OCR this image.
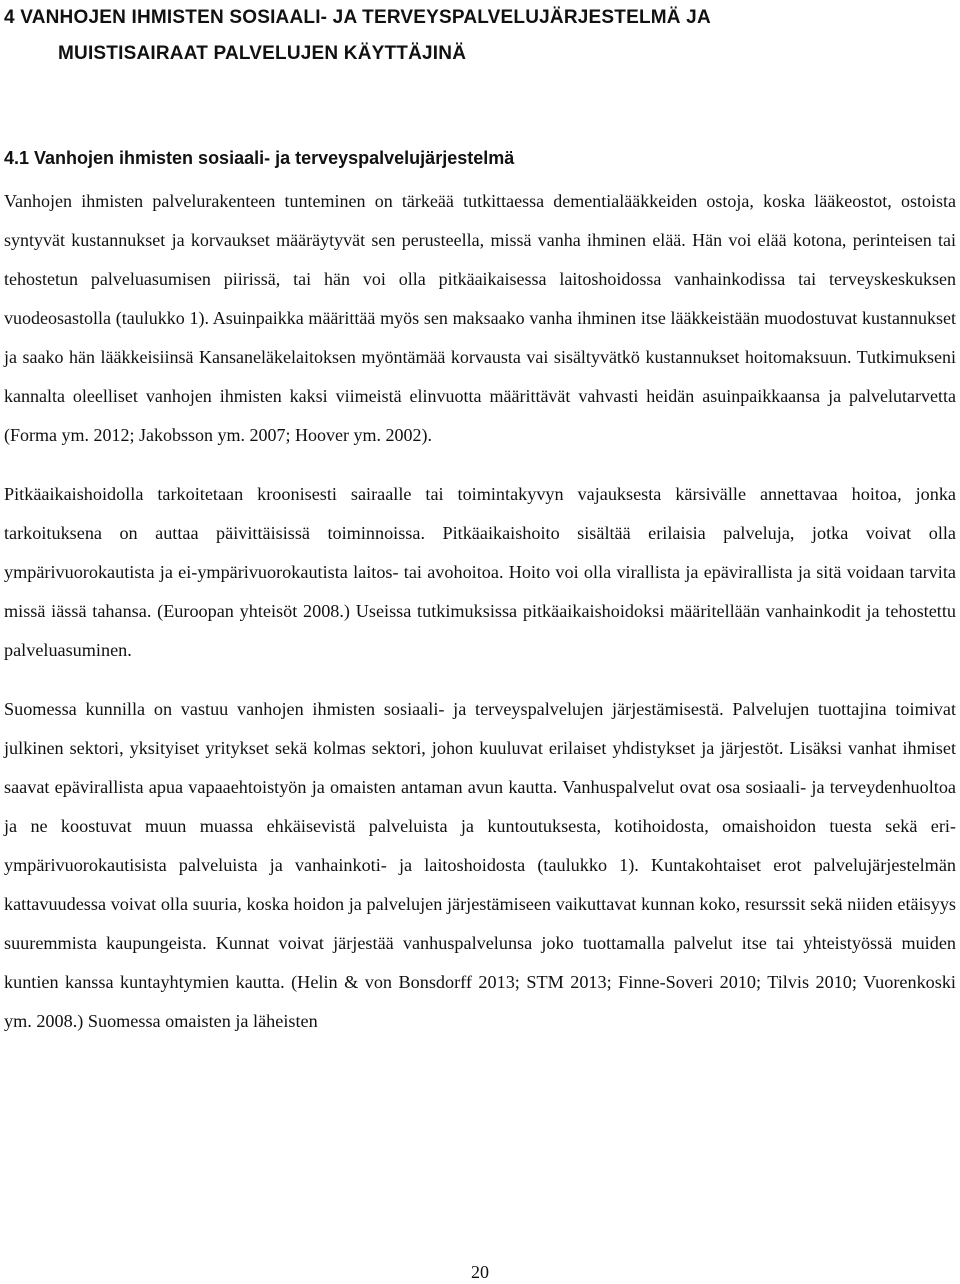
4 VANHOJEN IHMISTEN SOSIAALI- JA TERVEYSPALVELUJÄRJESTELMÄ JA
MUISTISAIRAAT PALVELUJEN KÄYTTÄJINÄ
4.1 Vanhojen ihmisten sosiaali- ja terveyspalvelujärjestelmä

Vanhojen ihmisten palvelurakenteen tunteminen on tärkeää tutkittaessa dementialääkkeiden ostoja, koska lääkeostot, ostoista syntyvät kustannukset ja korvaukset määräytyvät sen perusteella, missä vanha ihminen elää. Hän voi elää kotona, perinteisen tai tehostetun palveluasumisen piirissä, tai hän voi olla pitkäaikaisessa laitoshoidossa vanhainkodissa tai terveyskeskuksen vuodeosastolla (taulukko 1). Asuinpaikka määrittää myös sen maksaako vanha ihminen itse lääkkeistään muodostuvat kustannukset ja saako hän lääkkeisiinsä Kansaneläkelaitoksen myöntämää korvausta vai sisältyvätkö kustannukset hoitomaksuun. Tutkimukseni kannalta oleelliset vanhojen ihmisten kaksi viimeistä elinvuotta määrittävät vahvasti heidän asuinpaikkaansa ja palvelutarvetta (Forma ym. 2012; Jakobsson ym. 2007; Hoover ym. 2002).

Pitkäaikaishoidolla tarkoitetaan kroonisesti sairaalle tai toimintakyvyn vajauksesta kärsivälle annettavaa hoitoa, jonka tarkoituksena on auttaa päivittäisissä toiminnoissa. Pitkäaikaishoito sisältää erilaisia palveluja, jotka voivat olla ympärivuorokautista ja ei-ympärivuorokautista laitos- tai avohoitoa. Hoito voi olla virallista ja epävirallista ja sitä voidaan tarvita missä iässä tahansa. (Euroopan yhteisöt 2008.) Useissa tutkimuksissa pitkäaikaishoidoksi määritellään vanhainkodit ja tehostettu palveluasuminen.

Suomessa kunnilla on vastuu vanhojen ihmisten sosiaali- ja terveyspalvelujen järjestämisestä. Palvelujen tuottajina toimivat julkinen sektori, yksityiset yritykset sekä kolmas sektori, johon kuuluvat erilaiset yhdistykset ja järjestöt. Lisäksi vanhat ihmiset saavat epävirallista apua vapaaehtoistyön ja omaisten antaman avun kautta. Vanhuspalvelut ovat osa sosiaali- ja terveydenhuoltoa ja ne koostuvat muun muassa ehkäisevistä palveluista ja kuntoutuksesta, kotihoidosta, omaishoidon tuesta sekä eri-ympärivuorokautisista palveluista ja vanhainkoti- ja laitoshoidosta (taulukko 1). Kuntakohtaiset erot palvelujärjestelmän kattavuudessa voivat olla suuria, koska hoidon ja palvelujen järjestämiseen vaikuttavat kunnan koko, resurssit sekä niiden etäisyys suuremmista kaupungeista. Kunnat voivat järjestää vanhuspalvelunsa joko tuottamalla palvelut itse tai yhteistyössä muiden kuntien kanssa kuntayhtymien kautta. (Helin & von Bonsdorff 2013; STM 2013; Finne-Soveri 2010; Tilvis 2010; Vuorenkoski ym. 2008.) Suomessa omaisten ja läheisten

20
